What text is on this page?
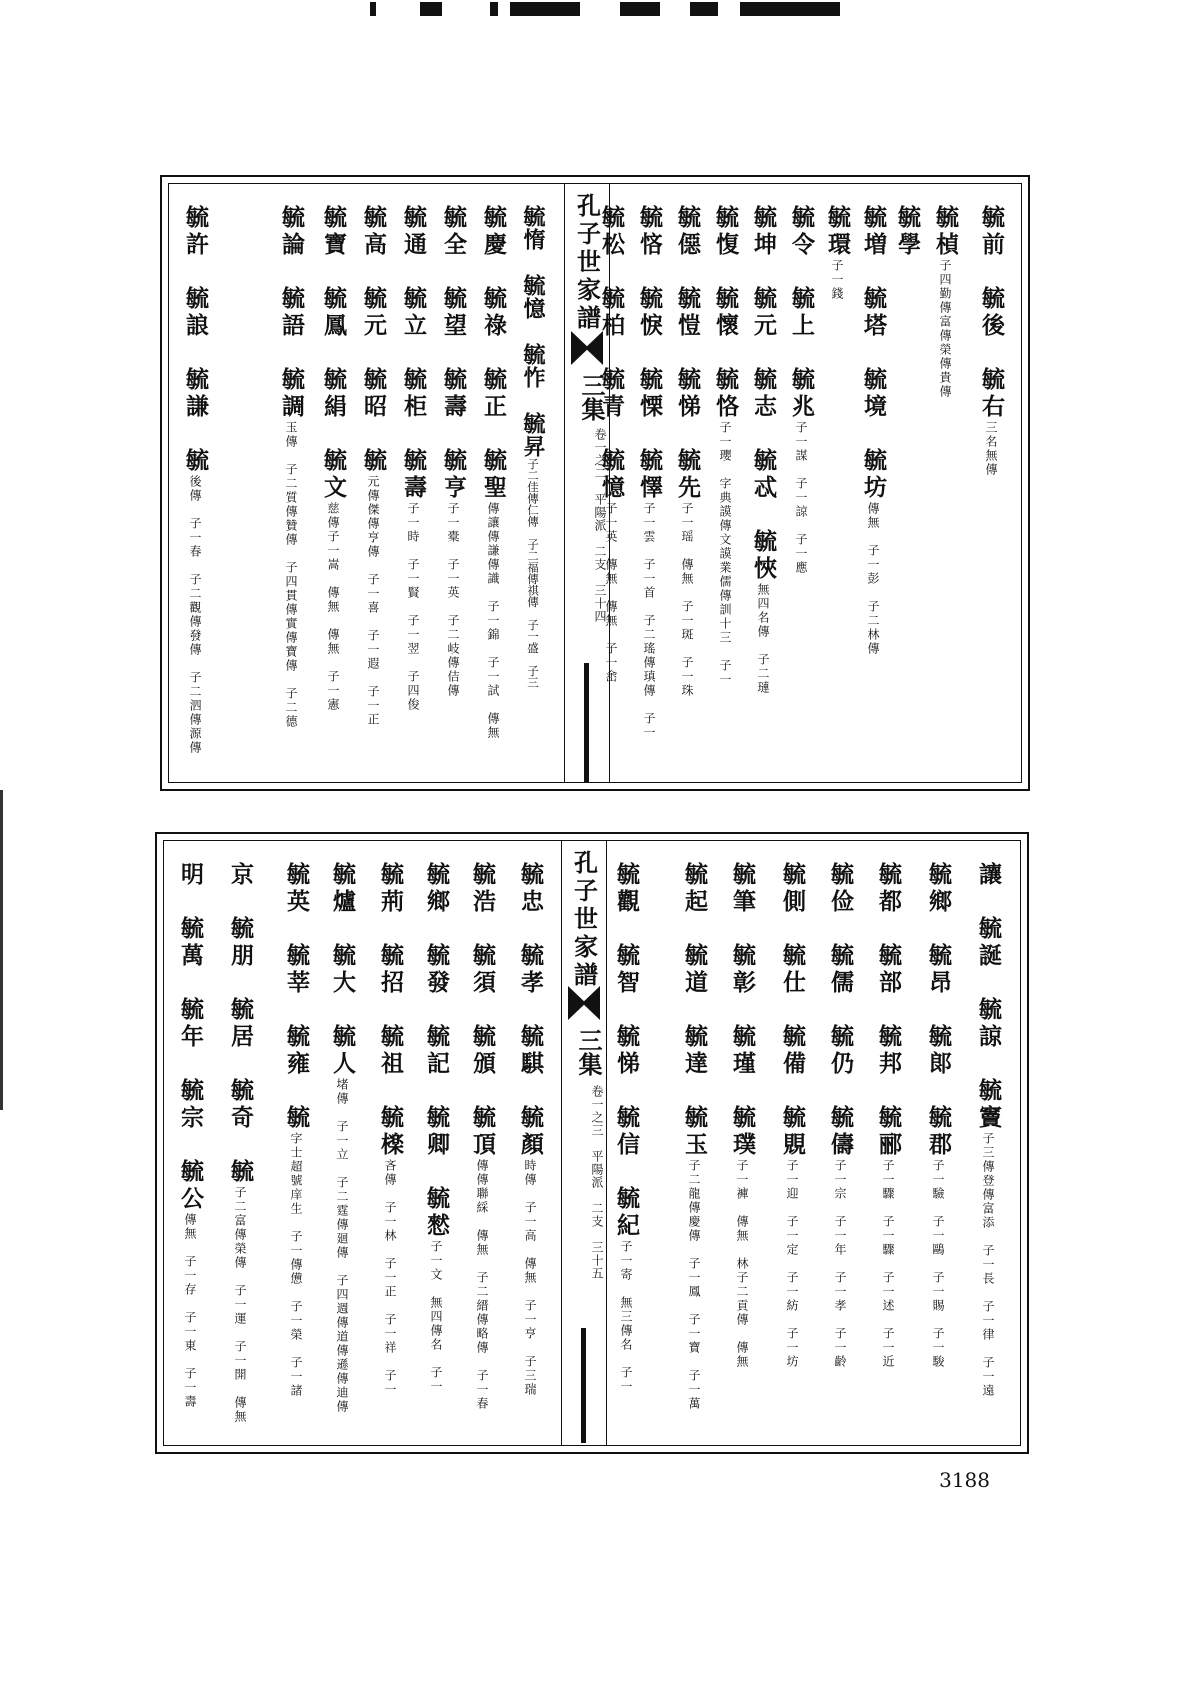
孔子世家譜
三集
卷一之二　平陽派　二支　三十四
毓前　毓後　毓右三名無傳
毓楨子四勤傳富傳榮傳貴傳
毓學
毓増　毓塔　毓境　毓坊傳無　子一彭　子二林傳
毓環子一錢
毓令　毓上　毓兆子一謀　子一諒　子一應
毓坤　毓元　毓志　毓忒　毓悏無四名傳　子二璉
毓愎　毓懷　毓恪子一瓔　字典謨傳文謨業儒傳訓十三　子一
毓僫　毓愷　毓悌　毓先子一瑶　傳無　子一斑　子一珠
毓悋　毓悷　毓慄　毓懌子一雲　子一首　子二瑤傳瑱傳　子一
毓松　毓柏　毓青　毓憶子一英　傳無　傳無　子一峹
毓惰　毓憶　毓怍　毓昇子二佳傳仁傳　子二福傳祺傳　子一盛　子三
毓慶　毓祿　毓正　毓聖傳讓傳謙傳識　子一錦　子一試　傳無
毓全　毓望　毓壽　毓亨子一橐　子一英　子二岐傳佶傳
毓通　毓立　毓柜　毓壽子一時　子一賢　子一翌　子四俊
毓高　毓元　毓昭　毓元傳傑傳亨傳　子一喜　子一遐　子一正
毓寶　毓鳳　毓絹　毓文慈傳子一嵩　傳無　傳無　子一憲
毓論　毓語　毓調玉傳　子二質傳贊傳　子四貫傳實傳寶傳　子二德
毓許　毓誏　毓謙　毓後傳　子一春　子二觀傳發傳　子二泗傳源傳
孔子世家譜
三集
卷一之三　平陽派　二支　三十五
讓　毓誕　毓諒　毓竇子三傳登傳富添　子一長　子一律　子一遠
毓鄉　毓昂　毓郞　毓郡子一驗　子一鷗　子一賜　子一駿
毓都　毓部　毓邦　毓郦子一驟　子一驟　子一述　子一近
毓俭　毓儒　毓仍　毓儔子一宗　子一年　子一孝　子一齡
毓側　毓仕　毓備　毓覞子一迎　子一定　子一紡　子一坊
毓筆　毓彰　毓瑾　毓璞子一褲　傳無　林子二貢傳　傳無
毓起　毓道　毓達　毓玉子二龍傳慶傳　子一鳳　子一寶　子一萬
毓觀　毓智　毓悌　毓信　毓紀子一寄　無三傳名　子一
毓忠　毓孝　毓騏　毓顏時傳　子一高　傳無　子一亨　子三瑞
毓浩　毓須　毓頒　毓頂傳傳聯綵　傳無　子二縉傳略傳　子一春
毓鄉　毓發　毓記　毓卿　毓憖子一文　無四傳名　子一
毓荊　毓招　毓祖　毓檪吝傳　子一林　子一正　子一祥　子一
毓爐　毓大　毓人堵傳　子一立　子二霆傳廻傳　子四週傳道傳遜傳迪傳
毓英　毓莘　毓雍　毓字士超號庠生　子一傳憊　子一榮　子一諸
京　毓朋　毓居　毓奇　毓子二富傳榮傳　子一運　子一開　傳無
明　毓萬　毓年　毓宗　毓公傳無　子一存　子一東　子一壽
3188
